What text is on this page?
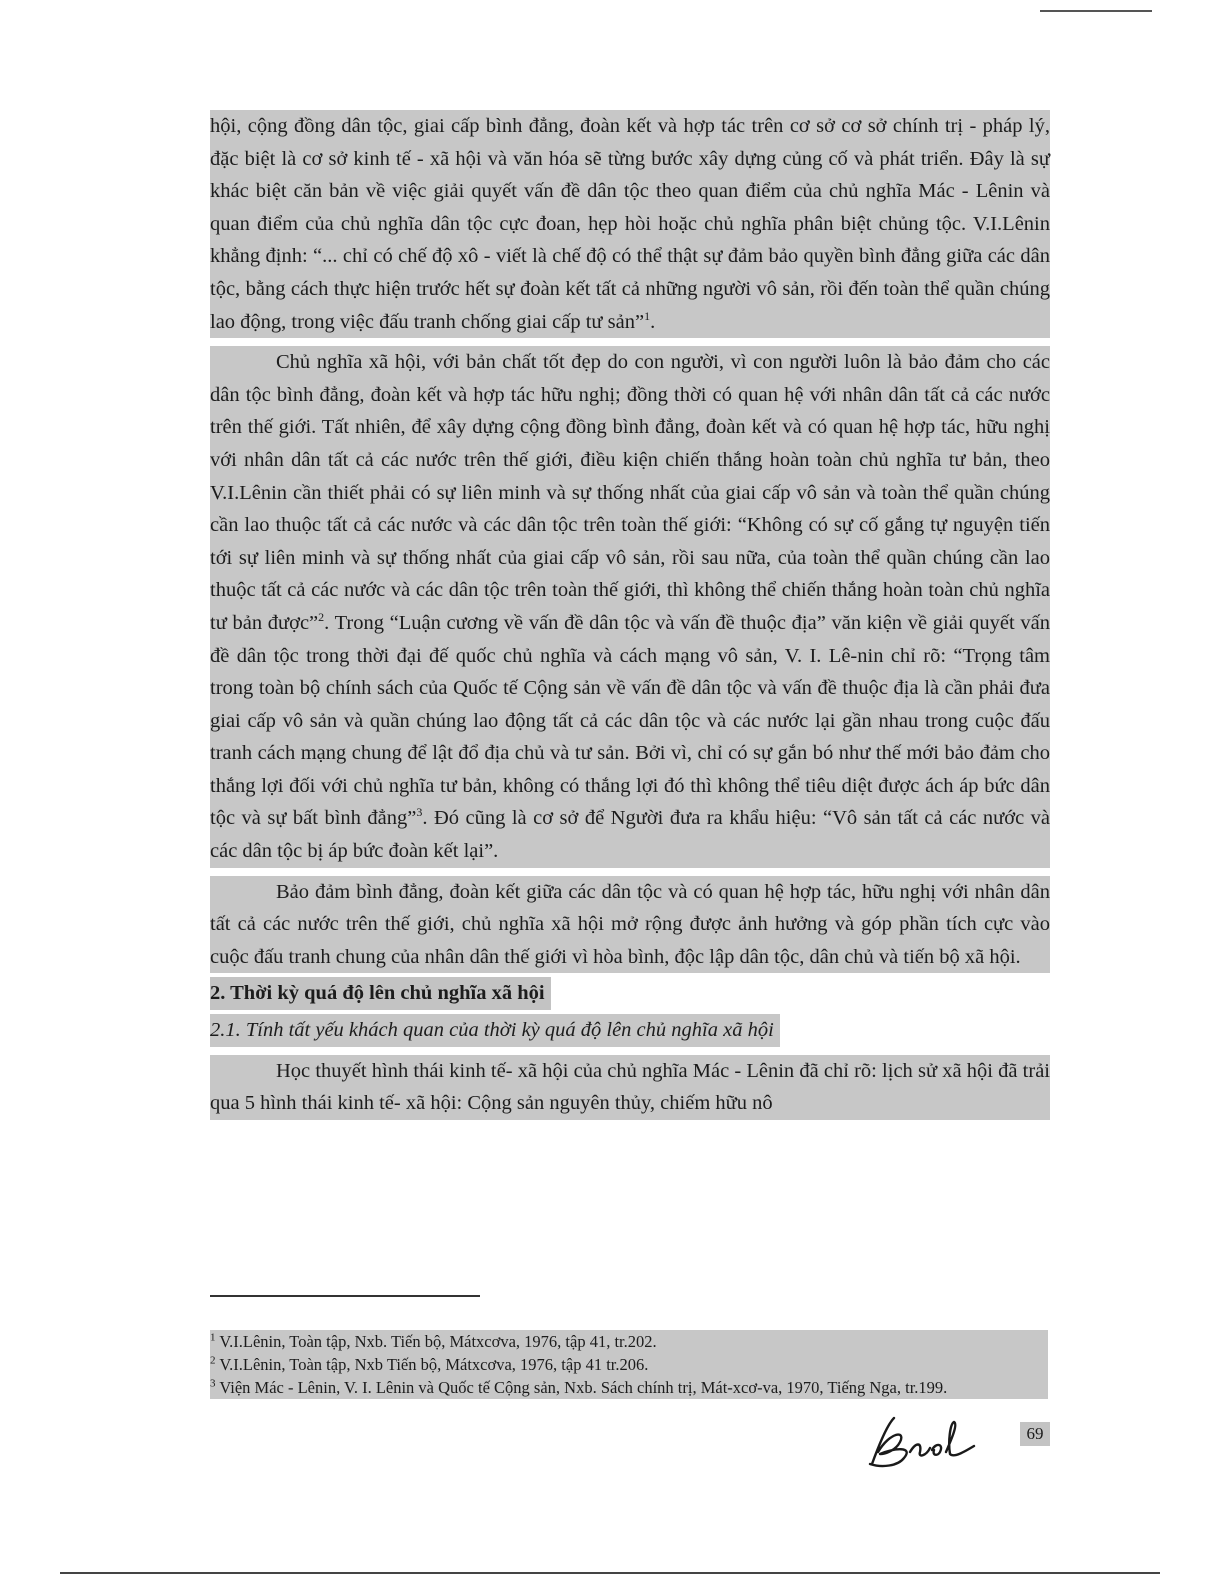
hội, cộng đồng dân tộc, giai cấp bình đẳng, đoàn kết và hợp tác trên cơ sở cơ sở chính trị - pháp lý, đặc biệt là cơ sở kinh tế - xã hội và văn hóa sẽ từng bước xây dựng củng cố và phát triển. Đây là sự khác biệt căn bản về việc giải quyết vấn đề dân tộc theo quan điểm của chủ nghĩa Mác - Lênin và quan điểm của chủ nghĩa dân tộc cực đoan, hẹp hòi hoặc chủ nghĩa phân biệt chủng tộc. V.I.Lênin khẳng định: “... chỉ có chế độ xô - viết là chế độ có thể thật sự đảm bảo quyền bình đẳng giữa các dân tộc, bằng cách thực hiện trước hết sự đoàn kết tất cả những người vô sản, rồi đến toàn thể quần chúng lao động, trong việc đấu tranh chống giai cấp tư sản”$^1$.

Chủ nghĩa xã hội, với bản chất tốt đẹp do con người, vì con người luôn là bảo đảm cho các dân tộc bình đẳng, đoàn kết và hợp tác hữu nghị; đồng thời có quan hệ với nhân dân tất cả các nước trên thế giới. Tất nhiên, để xây dựng cộng đồng bình đẳng, đoàn kết và có quan hệ hợp tác, hữu nghị với nhân dân tất cả các nước trên thế giới, điều kiện chiến thắng hoàn toàn chủ nghĩa tư bản, theo V.I.Lênin cần thiết phải có sự liên minh và sự thống nhất của giai cấp vô sản và toàn thể quần chúng cần lao thuộc tất cả các nước và các dân tộc trên toàn thế giới: “Không có sự cố gắng tự nguyện tiến tới sự liên minh và sự thống nhất của giai cấp vô sản, rồi sau nữa, của toàn thể quần chúng cần lao thuộc tất cả các nước và các dân tộc trên toàn thế giới, thì không thể chiến thắng hoàn toàn chủ nghĩa tư bản được”$^2$. Trong “Luận cương về vấn đề dân tộc và vấn đề thuộc địa” văn kiện về giải quyết vấn đề dân tộc trong thời đại đế quốc chủ nghĩa và cách mạng vô sản, V. I. Lê-nin chỉ rõ: “Trọng tâm trong toàn bộ chính sách của Quốc tế Cộng sản về vấn đề dân tộc và vấn đề thuộc địa là cần phải đưa giai cấp vô sản và quần chúng lao động tất cả các dân tộc và các nước lại gần nhau trong cuộc đấu tranh cách mạng chung để lật đổ địa chủ và tư sản. Bởi vì, chỉ có sự gắn bó như thế mới bảo đảm cho thắng lợi đối với chủ nghĩa tư bản, không có thắng lợi đó thì không thể tiêu diệt được ách áp bức dân tộc và sự bất bình đẳng”$^3$. Đó cũng là cơ sở để Người đưa ra khẩu hiệu: “Vô sản tất cả các nước và các dân tộc bị áp bức đoàn kết lại”.

Bảo đảm bình đẳng, đoàn kết giữa các dân tộc và có quan hệ hợp tác, hữu nghị với nhân dân tất cả các nước trên thế giới, chủ nghĩa xã hội mở rộng được ảnh hưởng và góp phần tích cực vào cuộc đấu tranh chung của nhân dân thế giới vì hòa bình, độc lập dân tộc, dân chủ và tiến bộ xã hội.

2. Thời kỳ quá độ lên chủ nghĩa xã hội
2.1. Tính tất yếu khách quan của thời kỳ quá độ lên chủ nghĩa xã hội

Học thuyết hình thái kinh tế- xã hội của chủ nghĩa Mác - Lênin đã chỉ rõ: lịch sử xã hội đã trải qua 5 hình thái kinh tế- xã hội: Cộng sản nguyên thủy, chiếm hữu nô

$^1$ V.I.Lênin, Toàn tập, Nxb. Tiến bộ, Mátxcơva, 1976, tập 41, tr.202.
$^2$ V.I.Lênin, Toàn tập, Nxb Tiến bộ, Mátxcơva, 1976, tập 41 tr.206.
$^3$ Viện Mác - Lênin, V. I. Lênin và Quốc tế Cộng sản, Nxb. Sách chính trị, Mát-xcơ-va, 1970, Tiếng Nga, tr.199.
69
